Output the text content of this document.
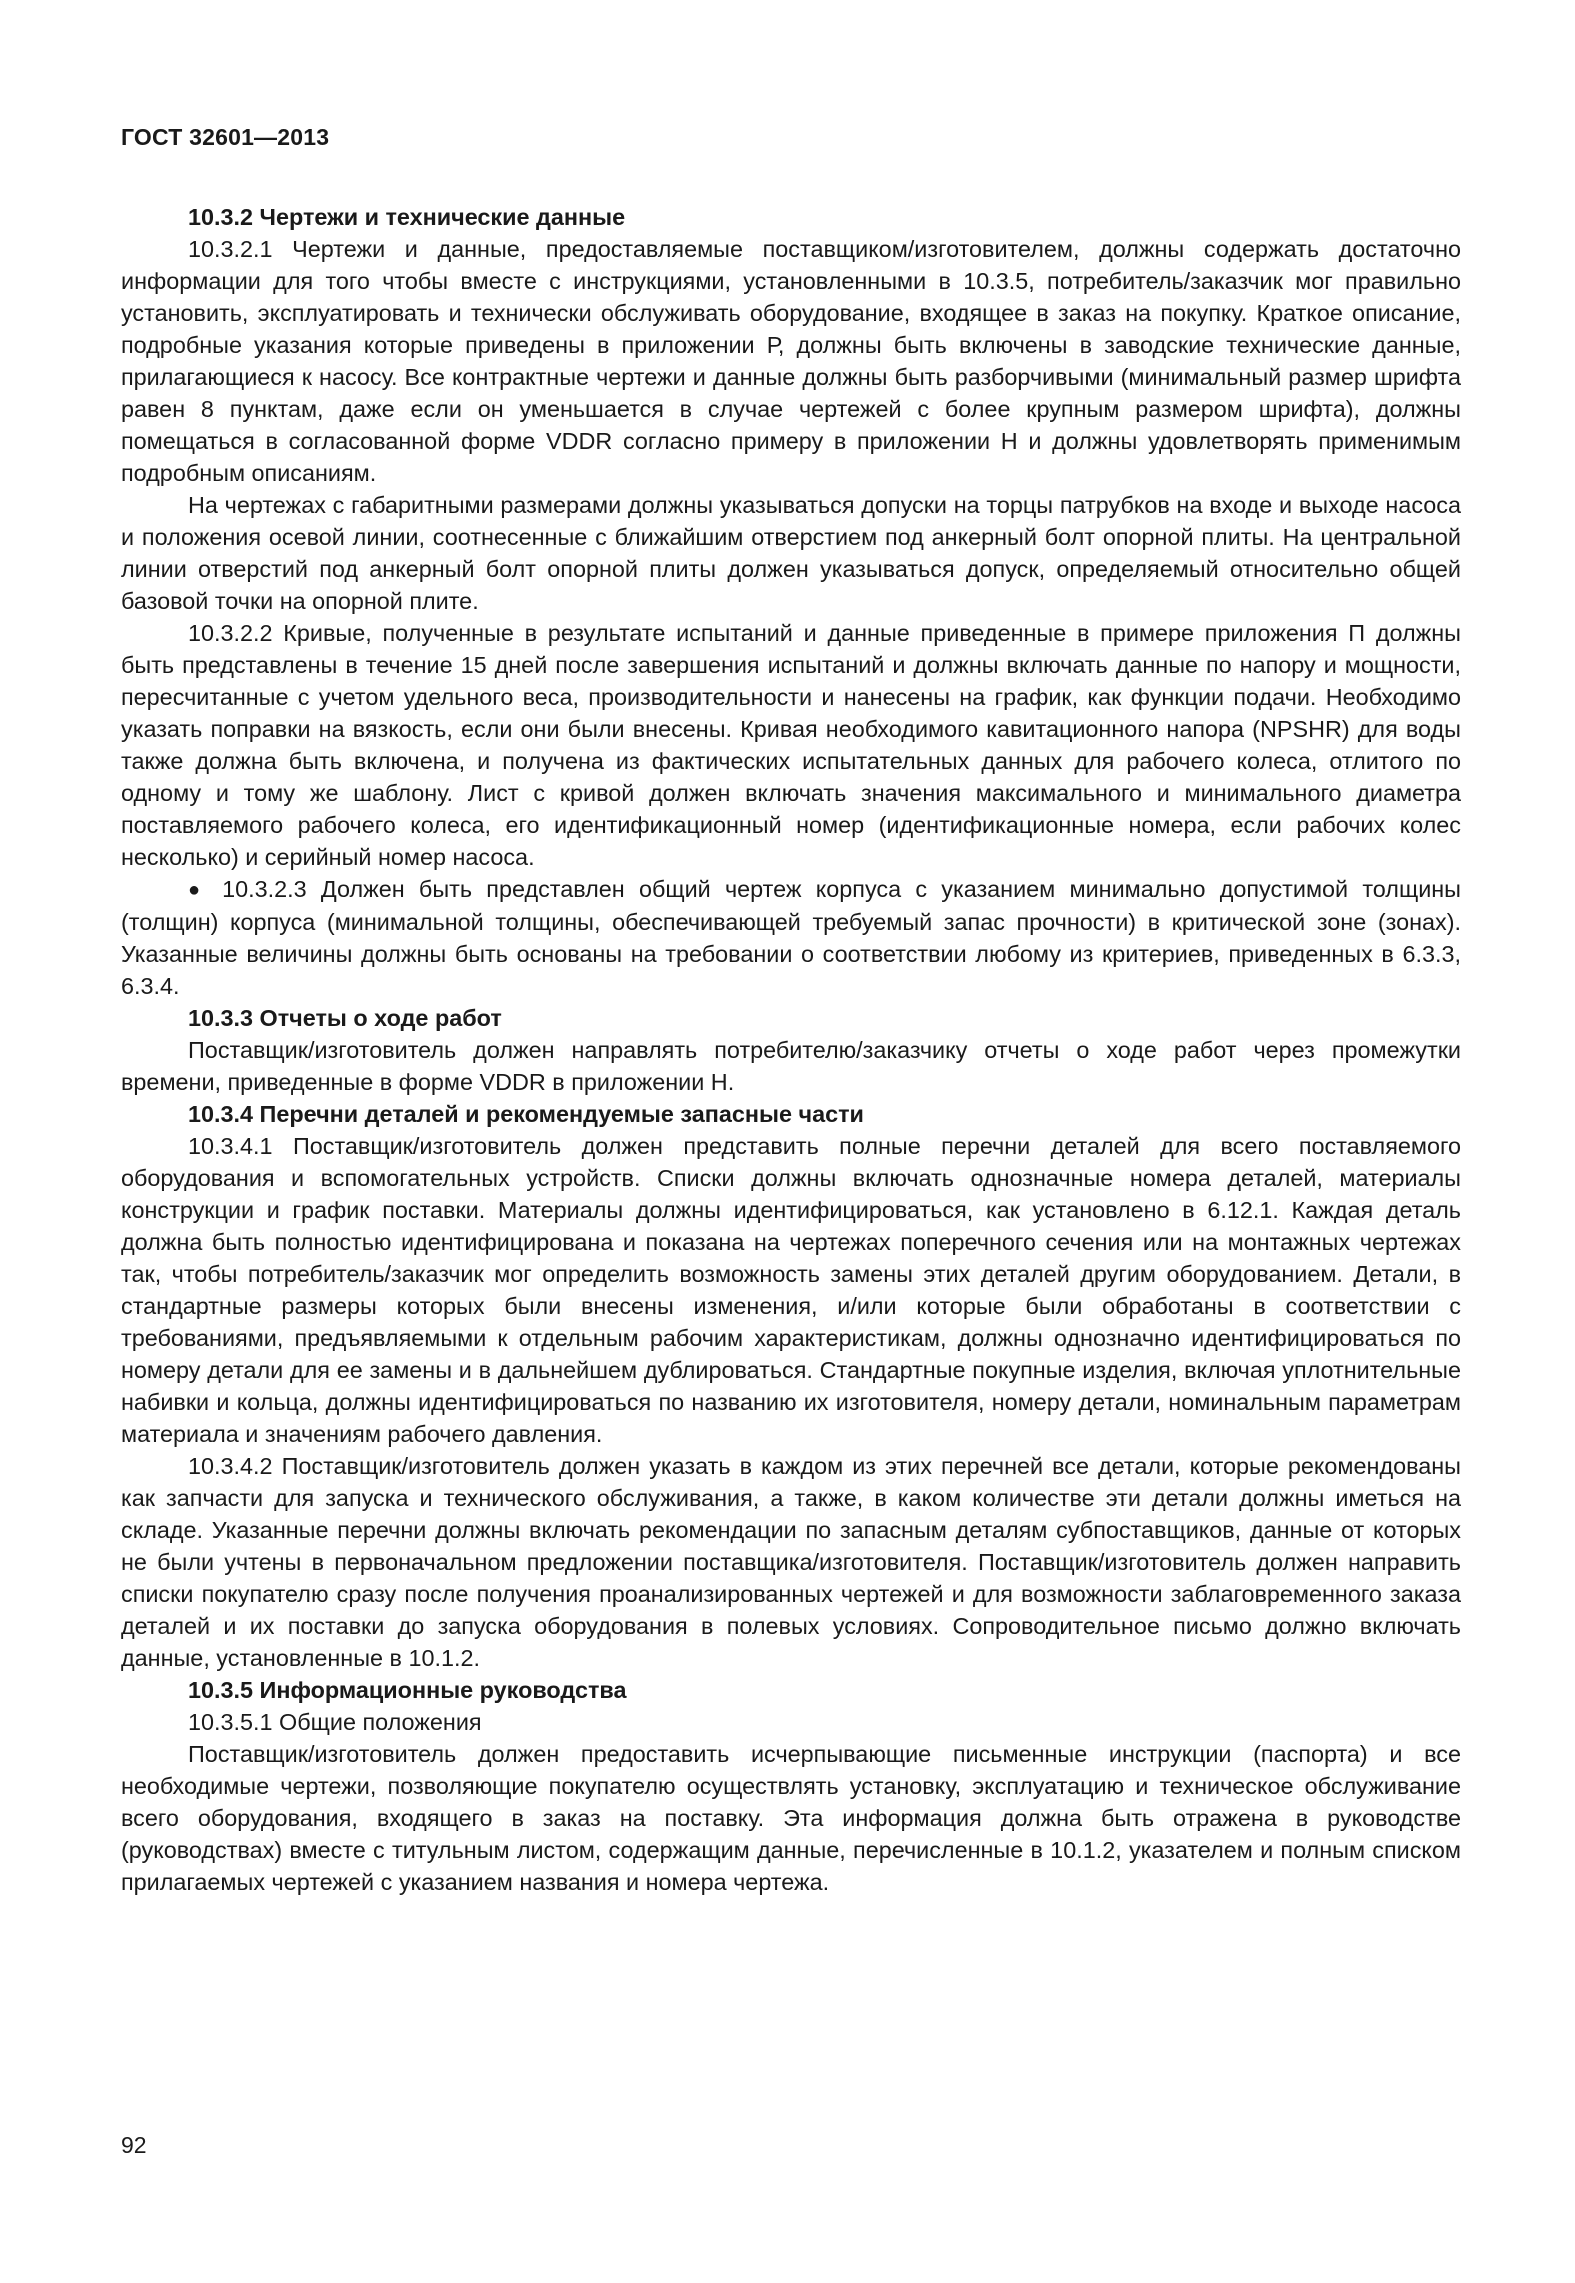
ГОСТ 32601—2013

10.3.2 Чертежи и технические данные

10.3.2.1 Чертежи и данные, предоставляемые поставщиком/изготовителем, должны содержать достаточно информации для того чтобы вместе с инструкциями, установленными в 10.3.5, потребитель/заказчик мог правильно установить, эксплуатировать и технически обслуживать оборудование, входящее в заказ на покупку. Краткое описание, подробные указания которые приведены в приложении Р, должны быть включены в заводские технические данные, прилагающиеся к насосу. Все контрактные чертежи и данные должны быть разборчивыми (минимальный размер шрифта равен 8 пунктам, даже если он уменьшается в случае чертежей с более крупным размером шрифта), должны помещаться в согласованной форме VDDR согласно примеру в приложении Н и должны удовлетворять применимым подробным описаниям.

На чертежах с габаритными размерами должны указываться допуски на торцы патрубков на входе и выходе насоса и положения осевой линии, соотнесенные с ближайшим отверстием под анкерный болт опорной плиты. На центральной линии отверстий под анкерный болт опорной плиты должен указываться допуск, определяемый относительно общей базовой точки на опорной плите.

10.3.2.2 Кривые, полученные в результате испытаний и данные приведенные в примере приложения П должны быть представлены в течение 15 дней после завершения испытаний и должны включать данные по напору и мощности, пересчитанные с учетом удельного веса, производительности и нанесены на график, как функции подачи. Необходимо указать поправки на вязкость, если они были внесены. Кривая необходимого кавитационного напора (NPSHR) для воды также должна быть включена, и получена из фактических испытательных данных для рабочего колеса, отлитого по одному и тому же шаблону. Лист с кривой должен включать значения максимального и минимального диаметра поставляемого рабочего колеса, его идентификационный номер (идентификационные номера, если рабочих колес несколько) и серийный номер насоса.

● 10.3.2.3 Должен быть представлен общий чертеж корпуса с указанием минимально допустимой толщины (толщин) корпуса (минимальной толщины, обеспечивающей требуемый запас прочности) в критической зоне (зонах). Указанные величины должны быть основаны на требовании о соответствии любому из критериев, приведенных в 6.3.3, 6.3.4.

10.3.3 Отчеты о ходе работ

Поставщик/изготовитель должен направлять потребителю/заказчику отчеты о ходе работ через промежутки времени, приведенные в форме VDDR в приложении Н.

10.3.4 Перечни деталей и рекомендуемые запасные части

10.3.4.1 Поставщик/изготовитель должен представить полные перечни деталей для всего поставляемого оборудования и вспомогательных устройств. Списки должны включать однозначные номера деталей, материалы конструкции и график поставки. Материалы должны идентифицироваться, как установлено в 6.12.1. Каждая деталь должна быть полностью идентифицирована и показана на чертежах поперечного сечения или на монтажных чертежах так, чтобы потребитель/заказчик мог определить возможность замены этих деталей другим оборудованием. Детали, в стандартные размеры которых были внесены изменения, и/или которые были обработаны в соответствии с требованиями, предъявляемыми к отдельным рабочим характеристикам, должны однозначно идентифицироваться по номеру детали для ее замены и в дальнейшем дублироваться. Стандартные покупные изделия, включая уплотнительные набивки и кольца, должны идентифицироваться по названию их изготовителя, номеру детали, номинальным параметрам материала и значениям рабочего давления.

10.3.4.2 Поставщик/изготовитель должен указать в каждом из этих перечней все детали, которые рекомендованы как запчасти для запуска и технического обслуживания, а также, в каком количестве эти детали должны иметься на складе. Указанные перечни должны включать рекомендации по запасным деталям субпоставщиков, данные от которых не были учтены в первоначальном предложении поставщика/изготовителя. Поставщик/изготовитель должен направить списки покупателю сразу после получения проанализированных чертежей и для возможности заблаговременного заказа деталей и их поставки до запуска оборудования в полевых условиях. Сопроводительное письмо должно включать данные, установленные в 10.1.2.

10.3.5 Информационные руководства

10.3.5.1 Общие положения

Поставщик/изготовитель должен предоставить исчерпывающие письменные инструкции (паспорта) и все необходимые чертежи, позволяющие покупателю осуществлять установку, эксплуатацию и техническое обслуживание всего оборудования, входящего в заказ на поставку. Эта информация должна быть отражена в руководстве (руководствах) вместе с титульным листом, содержащим данные, перечисленные в 10.1.2, указателем и полным списком прилагаемых чертежей с указанием названия и номера чертежа.

92
